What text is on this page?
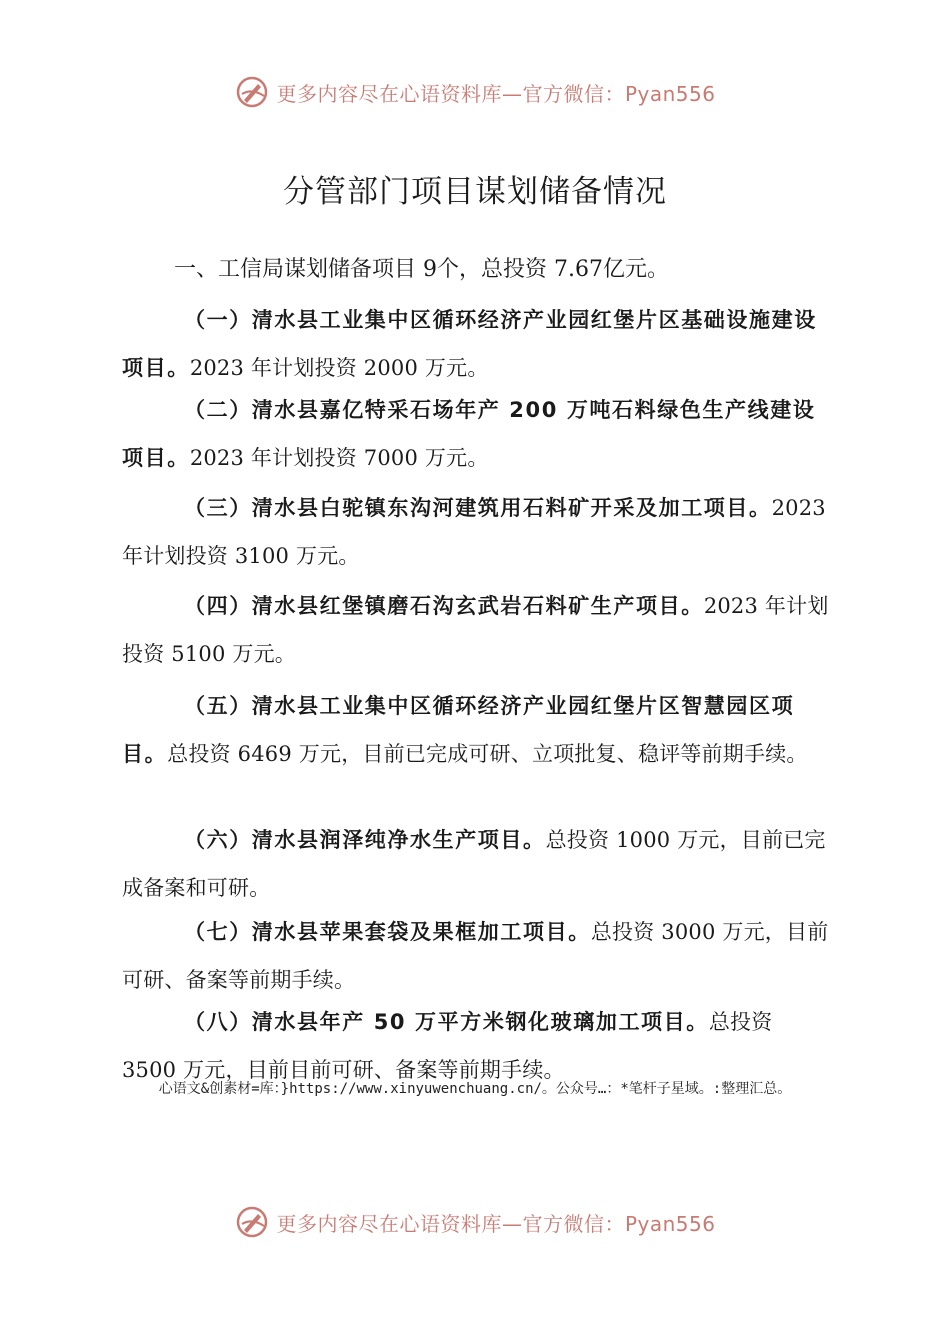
更多内容尽在心语资料库—官方微信：Pyan556
分管部门项目谋划储备情况
一、工信局谋划储备项目 9个，总投资 7.67亿元。
（一）清水县工业集中区循环经济产业园红堡片区基础设施建设项目。2023 年计划投资 2000 万元。
（二）清水县嘉亿特采石场年产 200 万吨石料绿色生产线建设项目。2023 年计划投资 7000 万元。
（三）清水县白驼镇东沟河建筑用石料矿开采及加工项目。2023 年计划投资 3100 万元。
（四）清水县红堡镇磨石沟玄武岩石料矿生产项目。2023 年计划投资 5100 万元。
（五）清水县工业集中区循环经济产业园红堡片区智慧园区项目。总投资 6469 万元，目前已完成可研、立项批复、稳评等前期手续。
（六）清水县润泽纯净水生产项目。总投资 1000 万元，目前已完成备案和可研。
（七）清水县苹果套袋及果框加工项目。总投资 3000 万元，目前可研、备案等前期手续。
（八）清水县年产 50 万平方米钢化玻璃加工项目。总投资 3500 万元，目前目前可研、备案等前期手续。
心语文&创素材=库：}https://www.xinyuwenchuang.cn/。公众号…：*笔杆子星域。:整理汇总。
更多内容尽在心语资料库—官方微信：Pyan556
